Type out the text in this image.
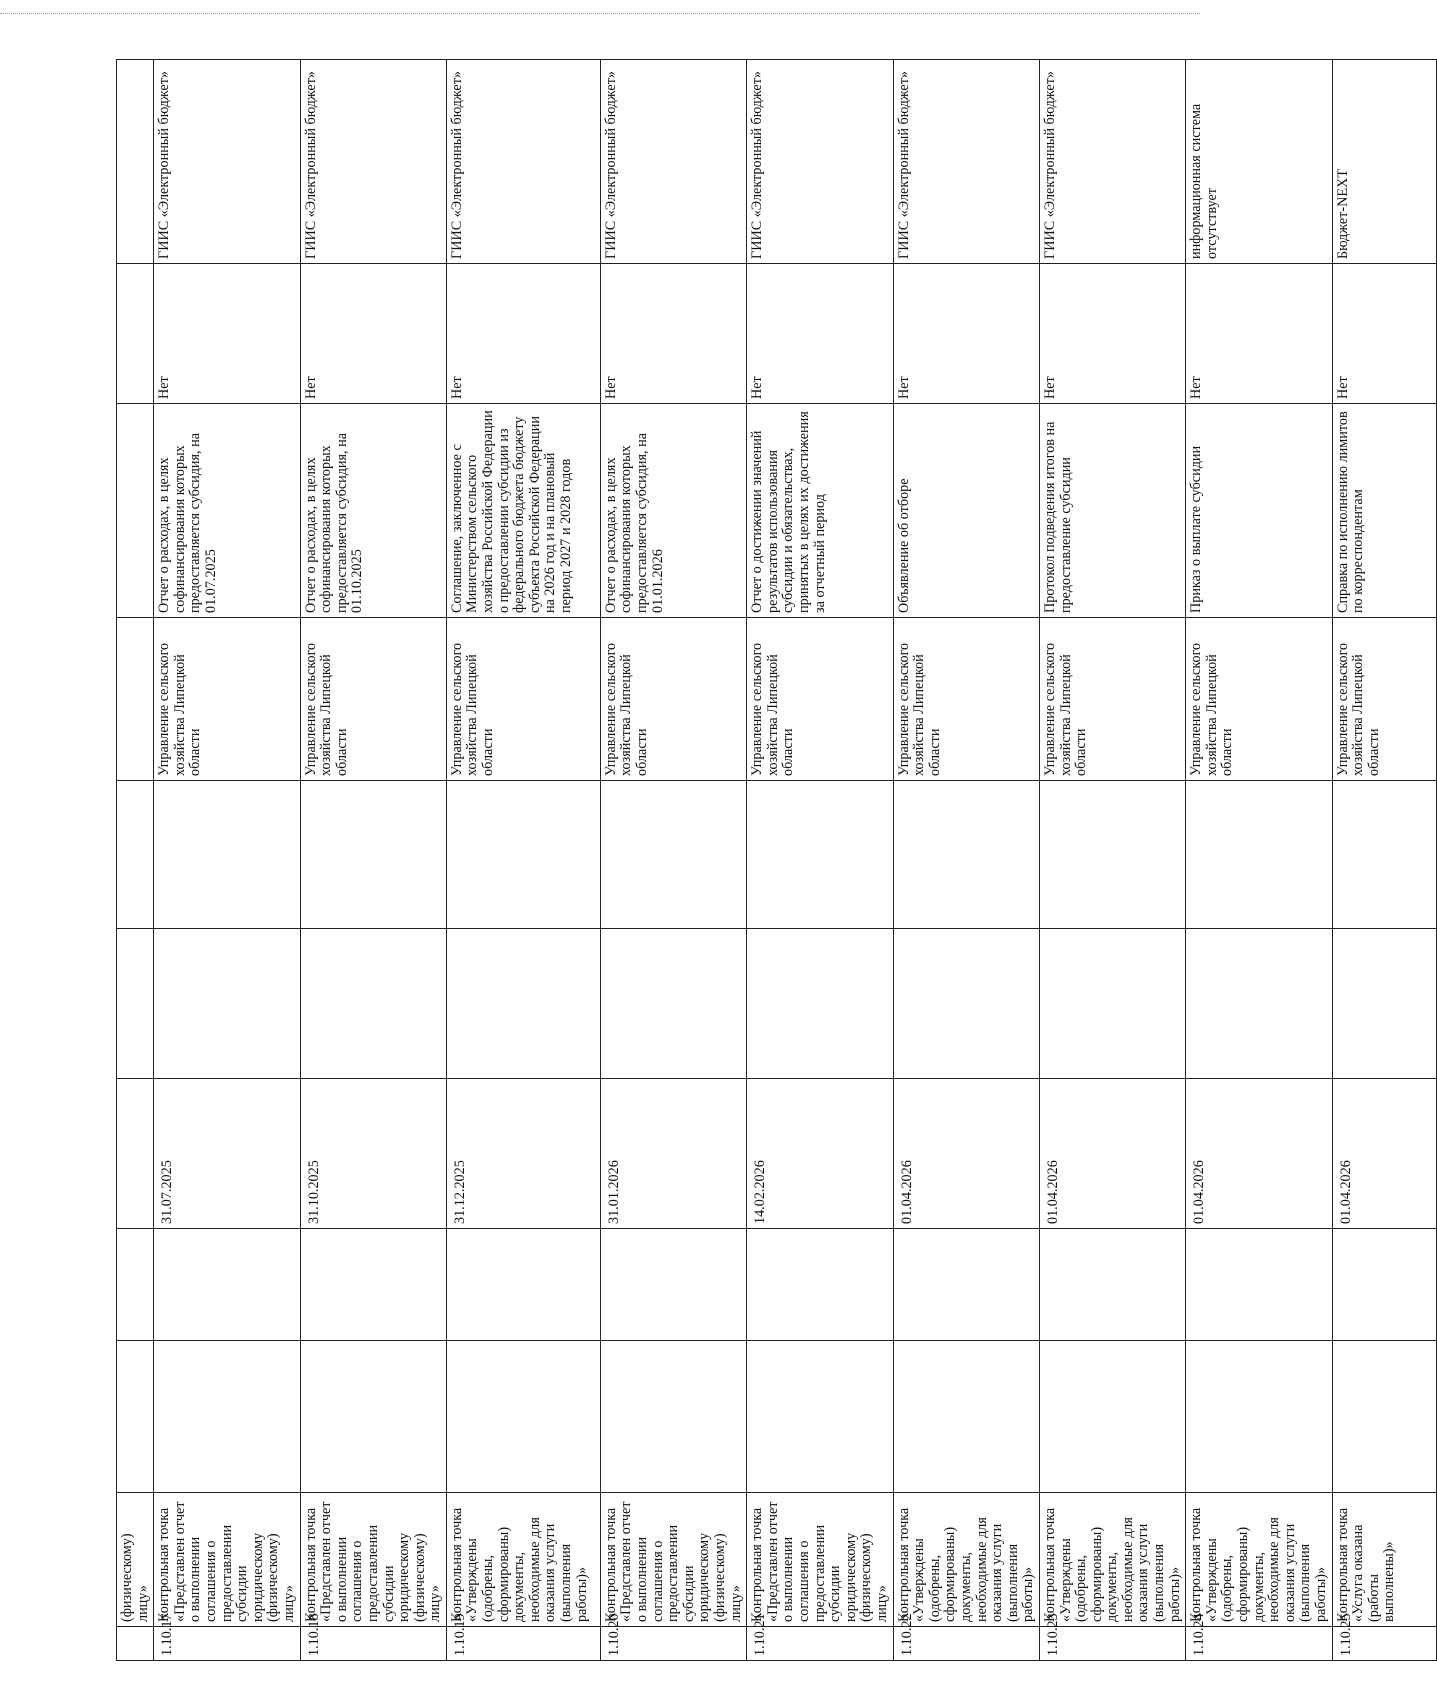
	(физическому) лицу»									
1.10.17	Контрольная точка «Представлен отчет о выполнении соглашения о предоставлении субсидии юридическому (физическому) лицу»			31.07.2025			Управление сельского хозяйства Липецкой области	Отчет о расходах, в целях софинансирования которых предоставляется субсидия, на 01.07.2025	Нет	ГИИС «Электронный бюджет»
1.10.18	Контрольная точка «Представлен отчет о выполнении соглашения о предоставлении субсидии юридическому (физическому) лицу»			31.10.2025			Управление сельского хозяйства Липецкой области	Отчет о расходах, в целях софинансирования которых предоставляется субсидия, на 01.10.2025	Нет	ГИИС «Электронный бюджет»
1.10.19	Контрольная точка «Утверждены (одобрены, сформированы) документы, необходимые для оказания услуги (выполнения работы)»			31.12.2025			Управление сельского хозяйства Липецкой области	Соглашение, заключенное с Министерством сельского хозяйства Российской Федерации о предоставлении субсидии из федерального бюджета бюджету субъекта Российской Федерации на 2026 год и на плановый период 2027 и 2028 годов	Нет	ГИИС «Электронный бюджет»
1.10.20	Контрольная точка «Представлен отчет о выполнении соглашения о предоставлении субсидии юридическому (физическому) лицу»			31.01.2026			Управление сельского хозяйства Липецкой области	Отчет о расходах, в целях софинансирования которых предоставляется субсидия, на 01.01.2026	Нет	ГИИС «Электронный бюджет»
1.10.21	Контрольная точка «Представлен отчет о выполнении соглашения о предоставлении субсидии юридическому (физическому) лицу»			14.02.2026			Управление сельского хозяйства Липецкой области	Отчет о достижении значений результатов использования субсидии и обязательствах, принятых в целях их достижения за отчетный период	Нет	ГИИС «Электронный бюджет»
1.10.22	Контрольная точка «Утверждены (одобрены, сформированы) документы, необходимые для оказания услуги (выполнения работы)»			01.04.2026			Управление сельского хозяйства Липецкой области	Объявление об отборе	Нет	ГИИС «Электронный бюджет»
1.10.23	Контрольная точка «Утверждены (одобрены, сформированы) документы, необходимые для оказания услуги (выполнения работы)»			01.04.2026			Управление сельского хозяйства Липецкой области	Протокол подведения итогов на предоставление субсидии	Нет	ГИИС «Электронный бюджет»
1.10.24	Контрольная точка «Утверждены (одобрены, сформированы) документы, необходимые для оказания услуги (выполнения работы)»			01.04.2026			Управление сельского хозяйства Липецкой области	Приказ о выплате субсидии	Нет	информационная система отсутствует
1.10.25	Контрольная точка «Услуга оказана (работы выполнены)»			01.04.2026			Управление сельского хозяйства Липецкой области	Справка по исполнению лимитов по корреспондентам	Нет	Бюджет-NEXT
